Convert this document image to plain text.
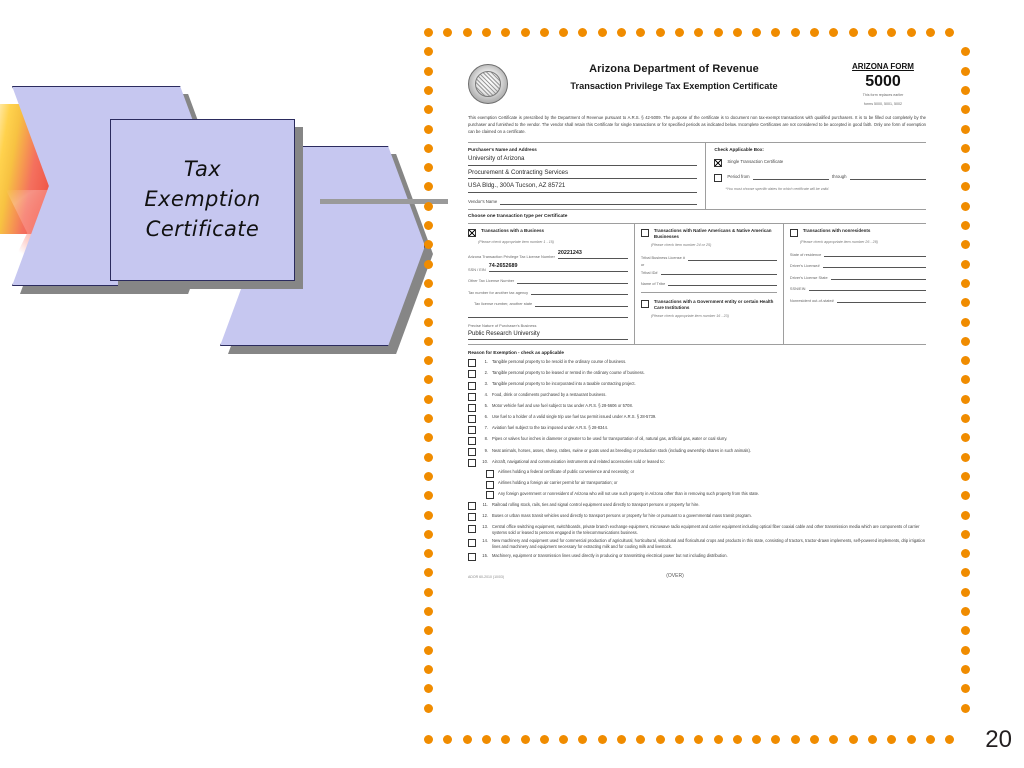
Tax
Exemption
Certificate
Arizona Department of Revenue
Transaction Privilege Tax Exemption Certificate
ARIZONA FORM
5000
This form replaces earlier
forms 5000, 5001, 5002
This exemption Certificate is prescribed by the Department of Revenue pursuant to A.R.S. § 42-5009. The purpose of the certificate is to document non tax-exempt transactions with qualified purchasers. It is to be filled out completely by the purchaser and furnished to the vendor. The vendor shall retain this Certificate for single transactions or for specified periods as indicated below. Incomplete Certificates are not considered to be accepted in good faith. Only one form of exemption can be claimed on a certificate.
Purchaser's Name and Address
University of Arizona
Procurement & Contracting Services
USA Bldg., 300A Tucson, AZ 85721
Vendor's Name
Check Applicable Box:
Single Transaction Certificate
Period from	through
*You must choose specific dates for which certificate will be valid.
Choose one transaction type per Certificate
Transactions with a Business
(Please check appropriate item number 1 - 15)
Arizona Transaction Privilege Tax License Number
20221243
SSN / EIN
74-2652689
Other Tax License Number
Tax number for another tax agency
Tax license number, another state
Precise Nature of Purchaser's Business
Public Research University
Transactions with Native Americans & Native American Businesses
(Please check item number 24 or 25)
Tribal Business License #
or
Tribal ID#
Name of Tribe
Transactions with a Government entity or certain Health Care Institutions
(Please check appropriate item number 16 - 23)
Transactions with nonresidents
(Please check appropriate item number 26 - 28)
State of residence
Driver's License#
Driver's License State
SSN/EIN
Nonresident out-of-state#
Reason for Exemption - check as applicable
1. Tangible personal property to be resold in the ordinary course of business.
2. Tangible personal property to be leased or rented in the ordinary course of business.
3. Tangible personal property to be incorporated into a taxable contracting project.
4. Food, drink or condiments purchased by a restaurant business.
5. Motor vehicle fuel and use fuel subject to tax under A.R.S. § 28-5606 or 5708.
6. Use fuel to a holder of a valid single trip use fuel tax permit issued under A.R.S. § 28-5739.
7. Aviation fuel subject to the tax imposed under A.R.S. § 28-8344.
8. Pipes or valves four inches in diameter or greater to be used for transportation of oil, natural gas, artificial gas, water or coal slurry.
9. Neat animals, horses, asses, sheep, ratites, swine or goats used as breeding or production stock (including ownership shares in such animals).
10. Aircraft, navigational and communication instruments and related accessories sold or leased to:
Airlines holding a federal certificate of public convenience and necessity; or
Airlines holding a foreign air carrier permit for air transportation; or
Any foreign government or nonresident of Arizona who will not use such property in Arizona other than in removing such property from this state.
11. Railroad rolling stock, rails, ties and signal control equipment used directly to transport persons or property for hire.
12. Buses or urban mass transit vehicles used directly to transport persons or property for hire or pursuant to a governmental mass transit program.
13. Central office switching equipment, switchboards, private branch exchange equipment, microwave radio equipment and carrier equipment including optical fiber coaxial cable and other transmission media which are components of carrier systems sold or leased to persons engaged in the telecommunications business.
14. New machinery and equipment used for commercial production of agricultural, horticultural, viticultural and floricultural crops and products in this state, consisting of tractors, tractor-drawn implements, self-powered implements, drip irrigation lines and machinery and equipment necessary for extracting milk and for cooling milk and livestock.
15. Machinery, equipment or transmission lines used directly in producing or transmitting electrical power but not including distribution.
ADOR 60-2010 (10/03)	(OVER)
20
